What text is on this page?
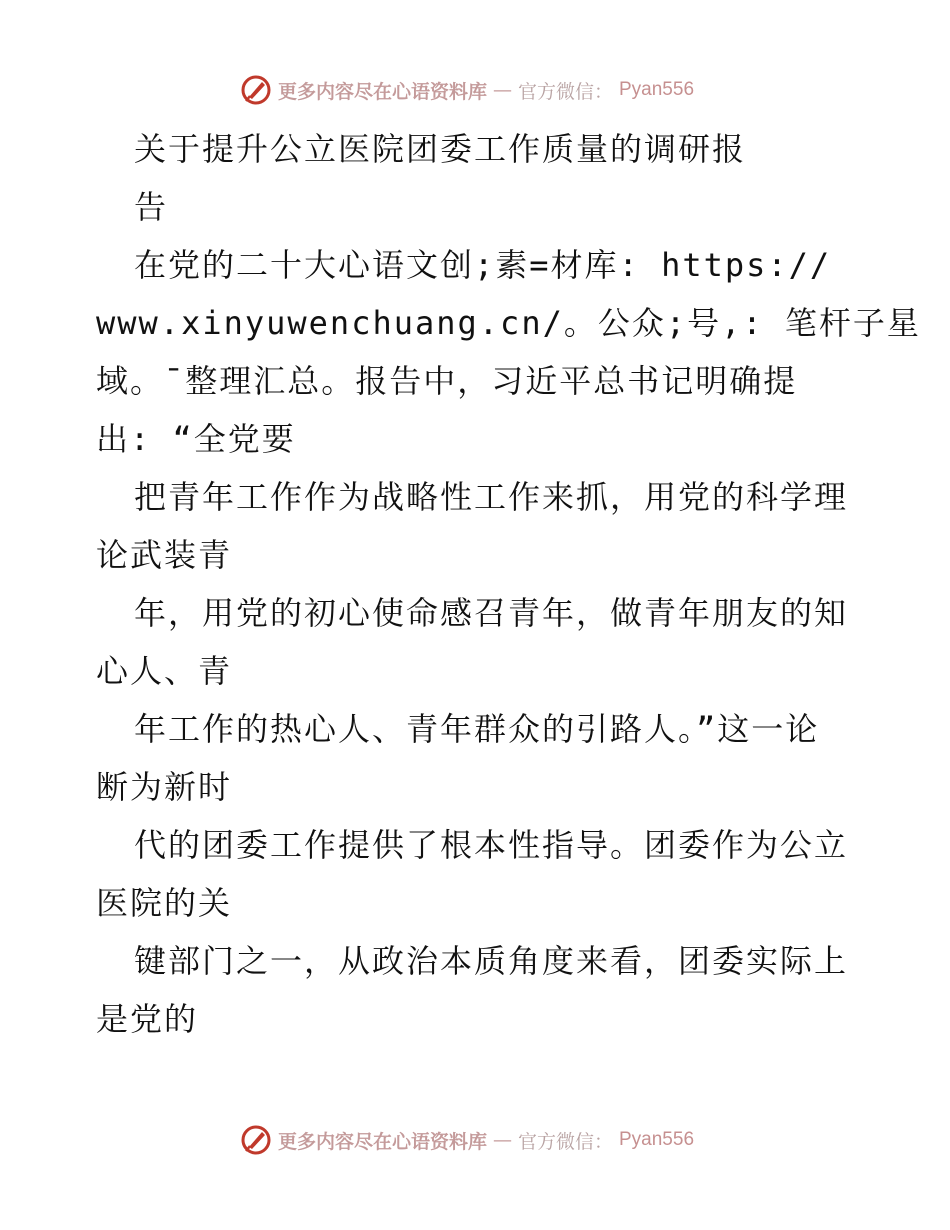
更多内容尽在心语资料库 — 官方微信： Pyan556
关于提升公立医院团委工作质量的调研报
告
在党的二十大心语文创;素=材库: https://
www.xinyuwenchuang.cn/。公众;号,: 笔杆子星
域。¯整理汇总。报告中，习近平总书记明确提
出: “全党要
把青年工作作为战略性工作来抓，用党的科学理
论武装青
年，用党的初心使命感召青年，做青年朋友的知
心人、青
年工作的热心人、青年群众的引路人。”这一论
断为新时
代的团委工作提供了根本性指导。团委作为公立
医院的关
键部门之一，从政治本质角度来看，团委实际上
是党的
更多内容尽在心语资料库 — 官方微信： Pyan556
